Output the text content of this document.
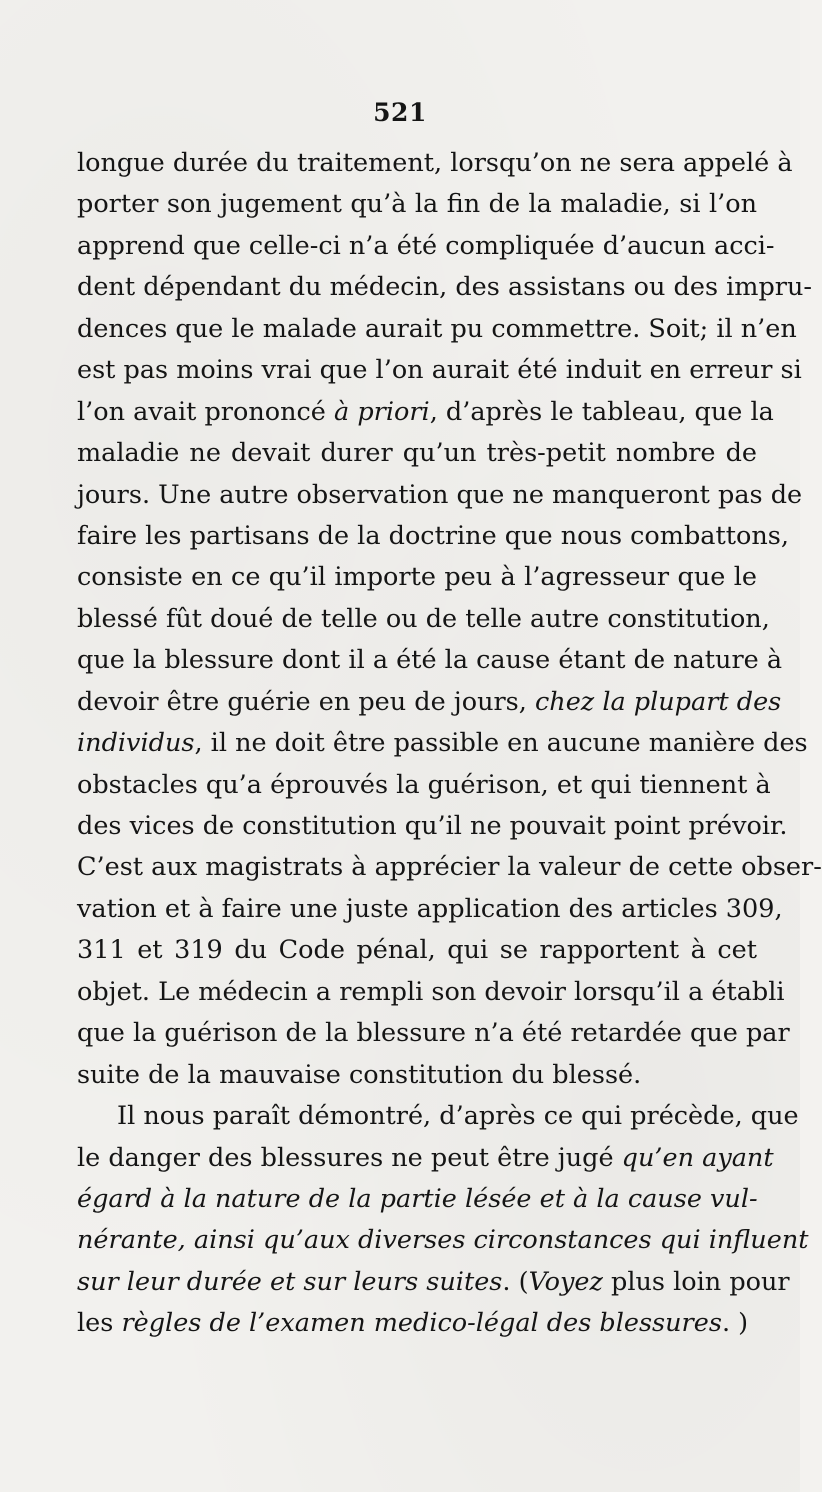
521
longue durée du traitement, lorsqu’on ne sera appelé à
porter son jugement qu’à la fin de la maladie, si l’on
apprend que celle-ci n’a été compliquée d’aucun acci-
dent dépendant du médecin, des assistans ou des impru-
dences que le malade aurait pu commettre. Soit; il n’en
est pas moins vrai que l’on aurait été induit en erreur si
l’on avait prononcé à priori, d’après le tableau, que la
maladie ne devait durer qu’un très-petit nombre de
jours. Une autre observation que ne manqueront pas de
faire les partisans de la doctrine que nous combattons,
consiste en ce qu’il importe peu à l’agresseur que le
blessé fût doué de telle ou de telle autre constitution,
que la blessure dont il a été la cause étant de nature à
devoir être guérie en peu de jours, chez la plupart des
individus, il ne doit être passible en aucune manière des
obstacles qu’a éprouvés la guérison, et qui tiennent à
des vices de constitution qu’il ne pouvait point prévoir.
C’est aux magistrats à apprécier la valeur de cette obser-
vation et à faire une juste application des articles 309,
311 et 319 du Code pénal, qui se rapportent à cet
objet. Le médecin a rempli son devoir lorsqu’il a établi
que la guérison de la blessure n’a été retardée que par
suite de la mauvaise constitution du blessé.
Il nous paraît démontré, d’après ce qui précède, que
le danger des blessures ne peut être jugé qu’en ayant
égard à la nature de la partie lésée et à la cause vul-
nérante, ainsi qu’aux diverses circonstances qui influent
sur leur durée et sur leurs suites. (Voyez plus loin pour
les règles de l’examen medico-légal des blessures. )
